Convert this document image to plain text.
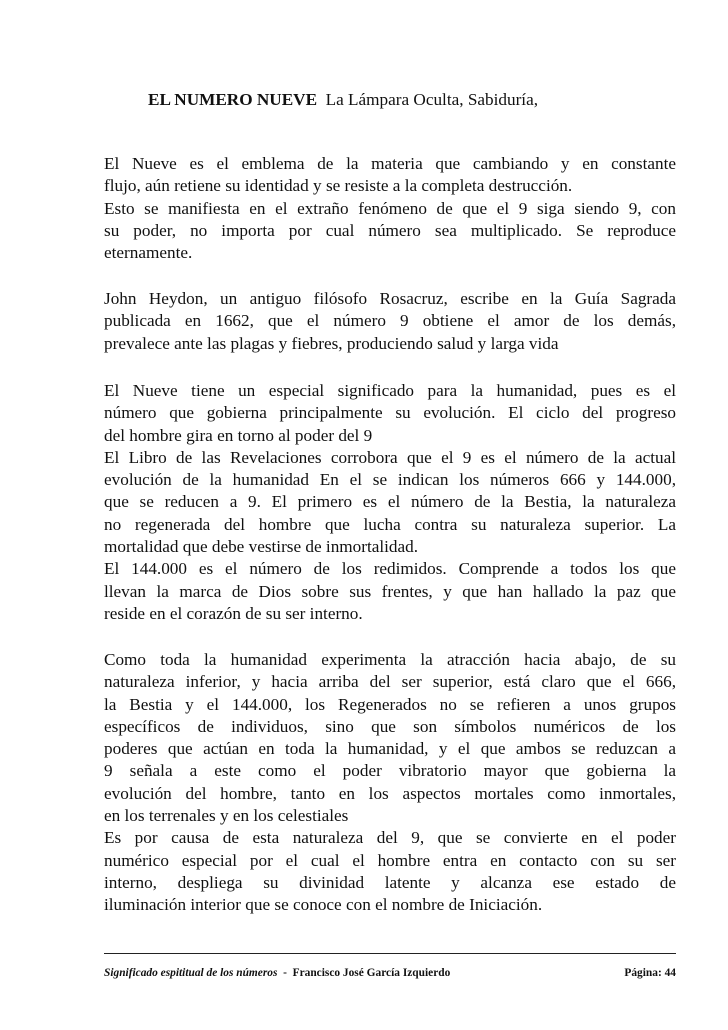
EL NUMERO NUEVE La Lámpara Oculta, Sabiduría,
El Nueve es el emblema de la materia que cambiando y en constante
flujo, aún retiene su identidad y se resiste a la completa destrucción.
Esto se manifiesta en el extraño fenómeno de que el 9 siga siendo 9, con
su poder, no importa por cual número sea multiplicado. Se reproduce
eternamente.
John Heydon, un antiguo filósofo Rosacruz, escribe en la Guía Sagrada
publicada en 1662, que el número 9 obtiene el amor de los demás,
prevalece ante las plagas y fiebres, produciendo salud y larga vida
El Nueve tiene un especial significado para la humanidad, pues es el
número que gobierna principalmente su evolución. El ciclo del progreso
del hombre gira en torno al poder del 9
El Libro de las Revelaciones corrobora que el 9 es el número de la actual
evolución de la humanidad En el se indican los números 666 y 144.000,
que se reducen a 9. El primero es el número de la Bestia, la naturaleza
no regenerada del hombre que lucha contra su naturaleza superior. La
mortalidad que debe vestirse de inmortalidad.
El 144.000 es el número de los redimidos. Comprende a todos los que
llevan la marca de Dios sobre sus frentes, y que han hallado la paz que
reside en el corazón de su ser interno.
Como toda la humanidad experimenta la atracción hacia abajo, de su
naturaleza inferior, y hacia arriba del ser superior, está claro que el 666,
la Bestia y el 144.000, los Regenerados no se refieren a unos grupos
específicos de individuos, sino que son símbolos numéricos de los
poderes que actúan en toda la humanidad, y el que ambos se reduzcan a
9 señala a este como el poder vibratorio mayor que gobierna la
evolución del hombre, tanto en los aspectos mortales como inmortales,
en los terrenales y en los celestiales
Es por causa de esta naturaleza del 9, que se convierte en el poder
numérico especial por el cual el hombre entra en contacto con su ser
interno, despliega su divinidad latente y alcanza ese estado de
iluminación interior que se conoce con el nombre de Iniciación.
Significado espititual de los números - Francisco José García Izquierdo	Página: 44
